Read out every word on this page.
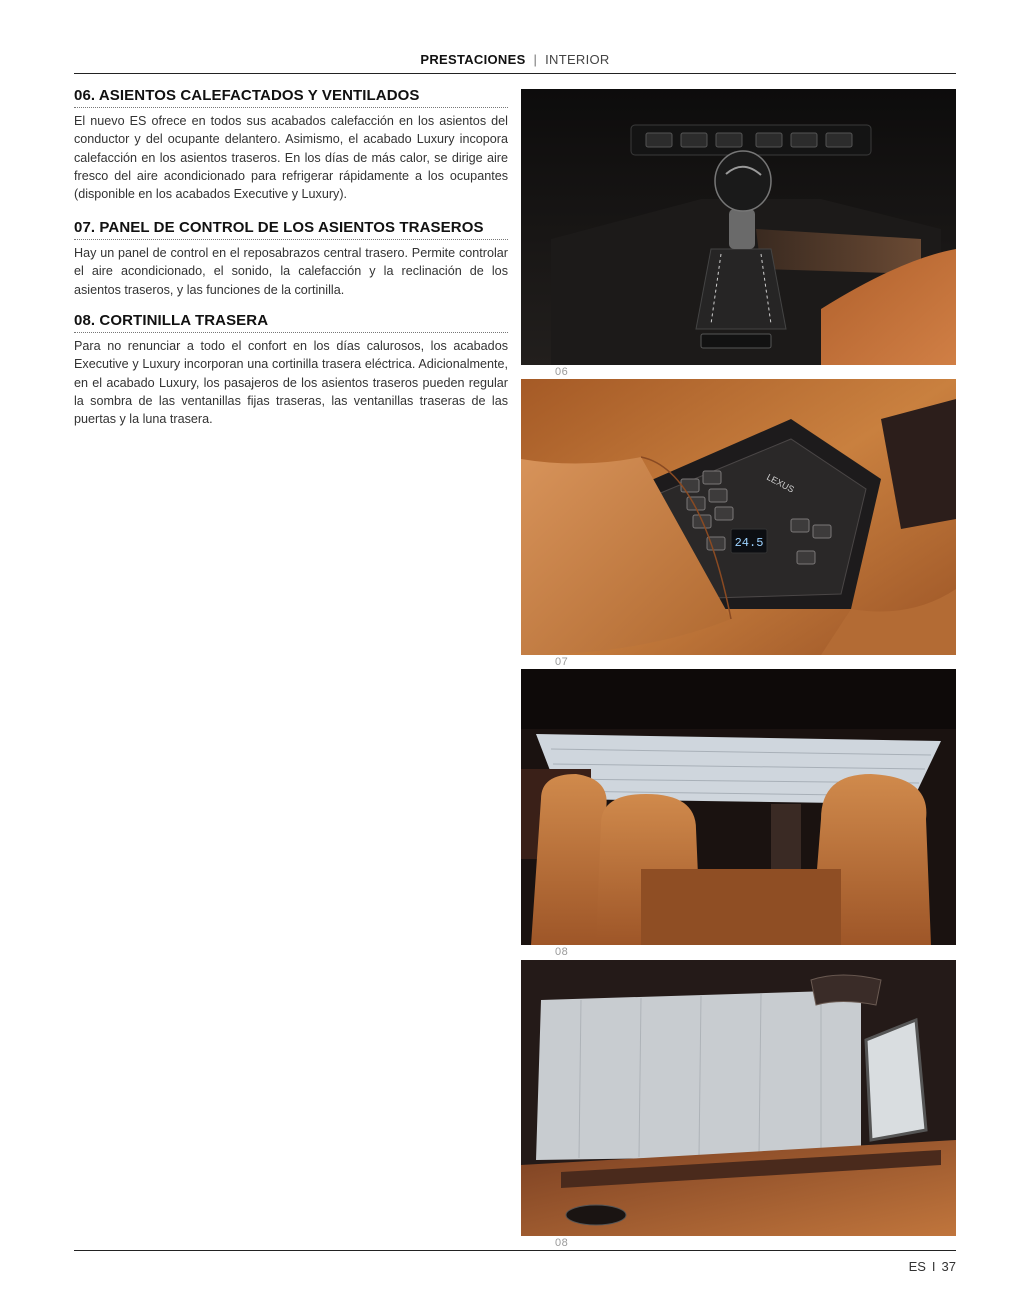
PRESTACIONES | INTERIOR
06. ASIENTOS CALEFACTADOS Y VENTILADOS

El nuevo ES ofrece en todos sus acabados calefacción en los asientos del conductor y del ocupante delantero. Asimismo, el acabado Luxury incopora calefacción en los asientos traseros. En los días de más calor, se dirige aire fresco del aire acondicionado para refrigerar rápidamente a los ocupantes (disponible en los acabados Executive y Luxury).

07. PANEL DE CONTROL DE LOS ASIENTOS TRASEROS

Hay un panel de control en el reposabrazos central trasero. Permite controlar el aire acondicionado, el sonido, la calefacción y la reclinación de los asientos traseros, y las funciones de la cortinilla.

08. CORTINILLA TRASERA

Para no renunciar a todo el confort en los días calurosos, los acabados Executive y Luxury incorporan una cortinilla trasera eléctrica. Adicionalmente, en el acabado Luxury, los pasajeros de los asientos traseros pueden regular la sombra de las ventanillas fijas traseras, las ventanillas traseras de las puertas y la luna trasera.

06
24.5
LEXUS
07
08
08
ES I 37
